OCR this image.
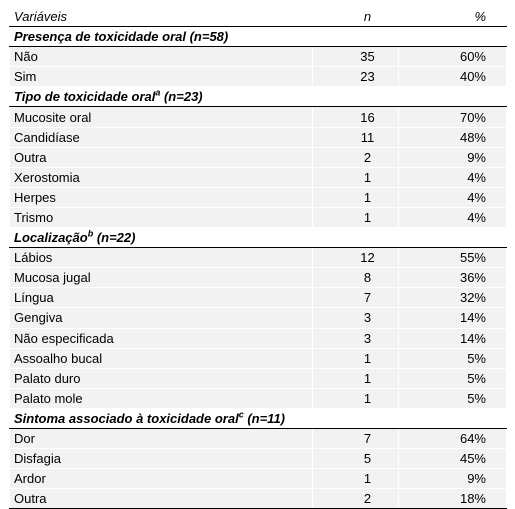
Variáveis	n	%
Presença de toxicidade oral (n=58)		
Não	35	60%
Sim	23	40%
Tipo de toxicidade oral$^a$ (n=23)		
Mucosite oral	16	70%
Candidíase	11	48%
Outra	2	9%
Xerostomia	1	4%
Herpes	1	4%
Trismo	1	4%
Localização$^b$ (n=22)		
Lábios	12	55%
Mucosa jugal	8	36%
Língua	7	32%
Gengiva	3	14%
Não especificada	3	14%
Assoalho bucal	1	5%
Palato duro	1	5%
Palato mole	1	5%
Sintoma associado à toxicidade oral$^c$ (n=11)		
Dor	7	64%
Disfagia	5	45%
Ardor	1	9%
Outra	2	18%
